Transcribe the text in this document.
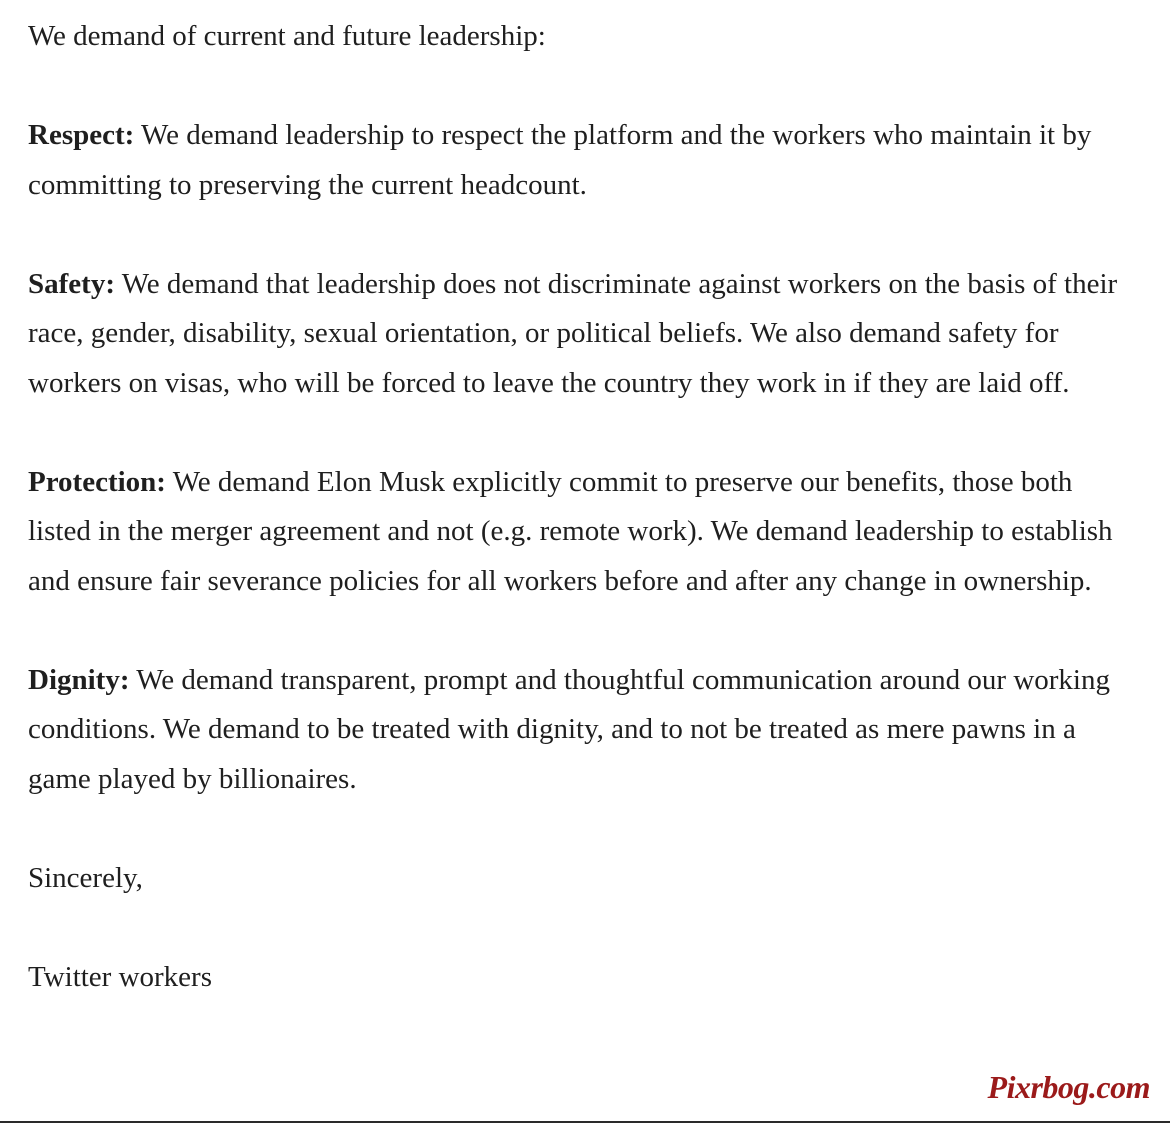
We demand of current and future leadership:

Respect: We demand leadership to respect the platform and the workers who maintain it by committing to preserving the current headcount.

Safety: We demand that leadership does not discriminate against workers on the basis of their race, gender, disability, sexual orientation, or political beliefs. We also demand safety for workers on visas, who will be forced to leave the country they work in if they are laid off.

Protection: We demand Elon Musk explicitly commit to preserve our benefits, those both listed in the merger agreement and not (e.g. remote work). We demand leadership to establish and ensure fair severance policies for all workers before and after any change in ownership.

Dignity: We demand transparent, prompt and thoughtful communication around our working conditions. We demand to be treated with dignity, and to not be treated as mere pawns in a game played by billionaires.

Sincerely,

Twitter workers

Pixrbog.com
